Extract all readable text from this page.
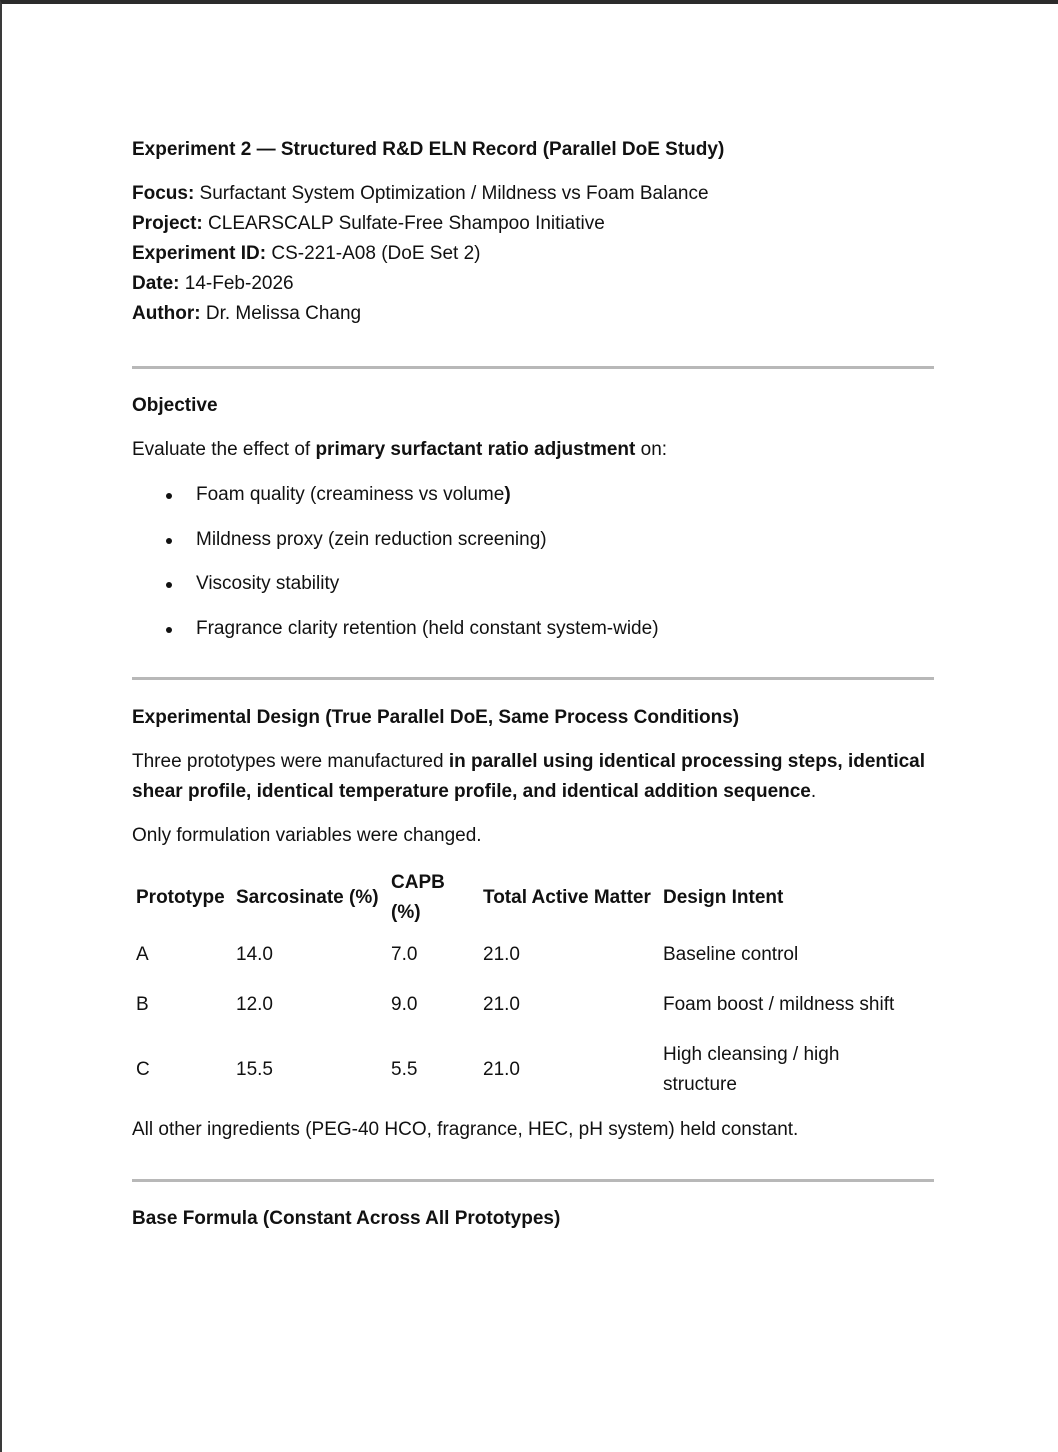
Experiment 2 — Structured R&D ELN Record (Parallel DoE Study)
Focus: Surfactant System Optimization / Mildness vs Foam Balance
Project: CLEARSCALP Sulfate-Free Shampoo Initiative
Experiment ID: CS-221-A08 (DoE Set 2)
Date: 14-Feb-2026
Author: Dr. Melissa Chang
Objective

Evaluate the effect of primary surfactant ratio adjustment on:

Foam quality (creaminess vs volume)
Mildness proxy (zein reduction screening)
Viscosity stability
Fragrance clarity retention (held constant system-wide)
Experimental Design (True Parallel DoE, Same Process Conditions)

Three prototypes were manufactured in parallel using identical processing steps, identical shear profile, identical temperature profile, and identical addition sequence.

Only formulation variables were changed.

Prototype	Sarcosinate (%)	CAPB (%)	Total Active Matter	Design Intent
A	14.0	7.0	21.0	Baseline control
B	12.0	9.0	21.0	Foam boost / mildness shift
C	15.5	5.5	21.0	High cleansing / high structure

All other ingredients (PEG-40 HCO, fragrance, HEC, pH system) held constant.

Base Formula (Constant Across All Prototypes)
